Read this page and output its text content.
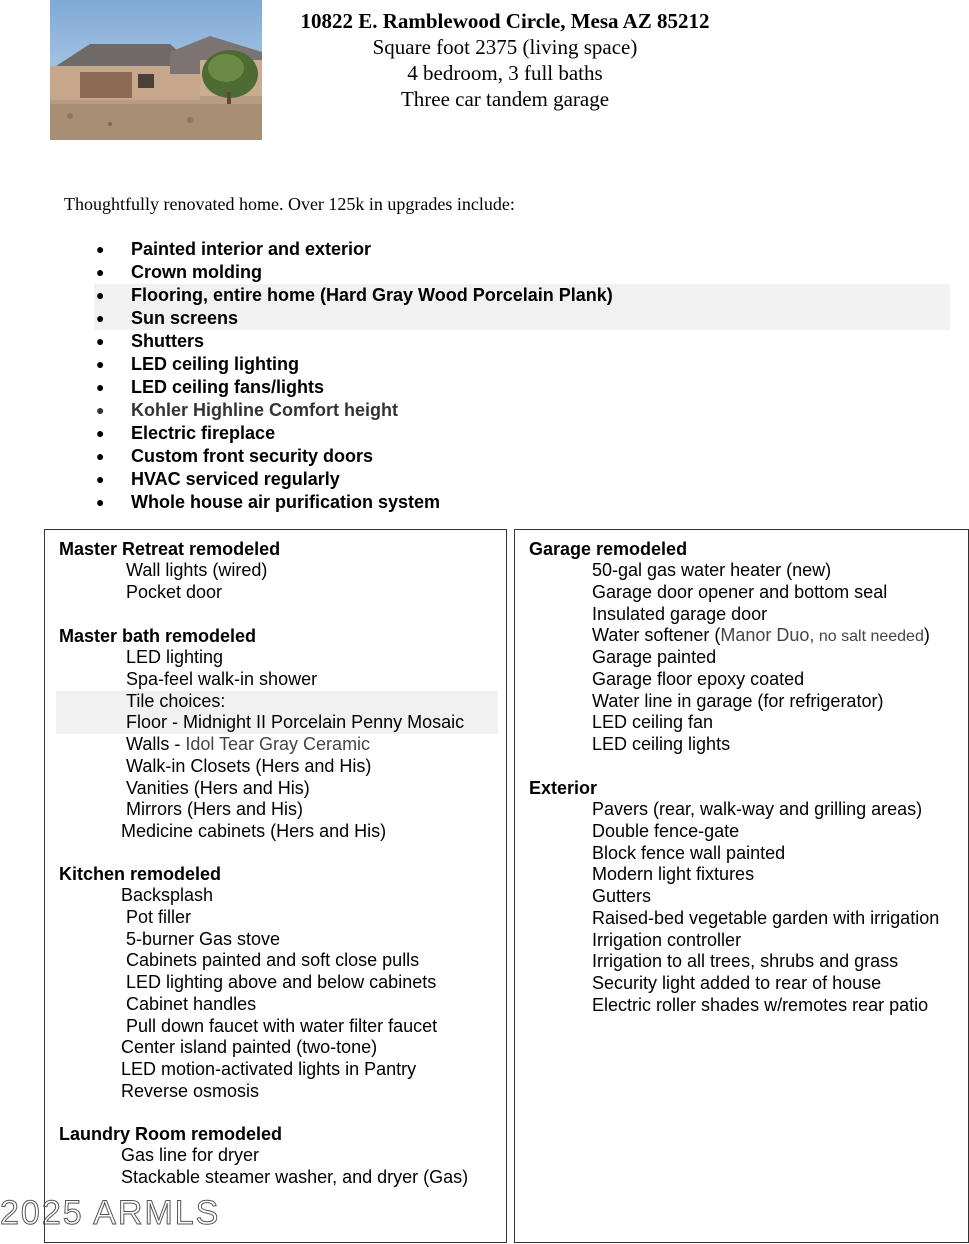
10822 E. Ramblewood Circle, Mesa AZ 85212
Square foot 2375 (living space)
4 bedroom, 3 full baths
Three car tandem garage
Thoughtfully renovated home. Over 125k in upgrades include:
● Painted interior and exterior
● Crown molding
● Flooring, entire home (Hard Gray Wood Porcelain Plank)
● Sun screens
● Shutters
● LED ceiling lighting
● LED ceiling fans/lights
● Kohler Highline Comfort height
● Electric fireplace
● Custom front security doors
● HVAC serviced regularly
● Whole house air purification system
Master Retreat remodeled
Wall lights (wired)
Pocket door
Master bath remodeled
LED lighting
Spa-feel walk-in shower
Tile choices:
Floor - Midnight II Porcelain Penny Mosaic
Walls - Idol Tear Gray Ceramic
Walk-in Closets (Hers and His)
Vanities (Hers and His)
Mirrors (Hers and His)
Medicine cabinets (Hers and His)
Kitchen remodeled
Backsplash
Pot filler
5-burner Gas stove
Cabinets painted and soft close pulls
LED lighting above and below cabinets
Cabinet handles
Pull down faucet with water filter faucet
Center island painted (two-tone)
LED motion-activated lights in Pantry
Reverse osmosis
Laundry Room remodeled
Gas line for dryer
Stackable steamer washer, and dryer (Gas)
Garage remodeled
50-gal gas water heater (new)
Garage door opener and bottom seal
Insulated garage door
Water softener (Manor Duo, no salt needed)
Garage painted
Garage floor epoxy coated
Water line in garage (for refrigerator)
LED ceiling fan
LED ceiling lights
Exterior
Pavers (rear, walk-way and grilling areas)
Double fence-gate
Block fence wall painted
Modern light fixtures
Gutters
Raised-bed vegetable garden with irrigation
Irrigation controller
Irrigation to all trees, shrubs and grass
Security light added to rear of house
Electric roller shades w/remotes rear patio
2025 ARMLS
